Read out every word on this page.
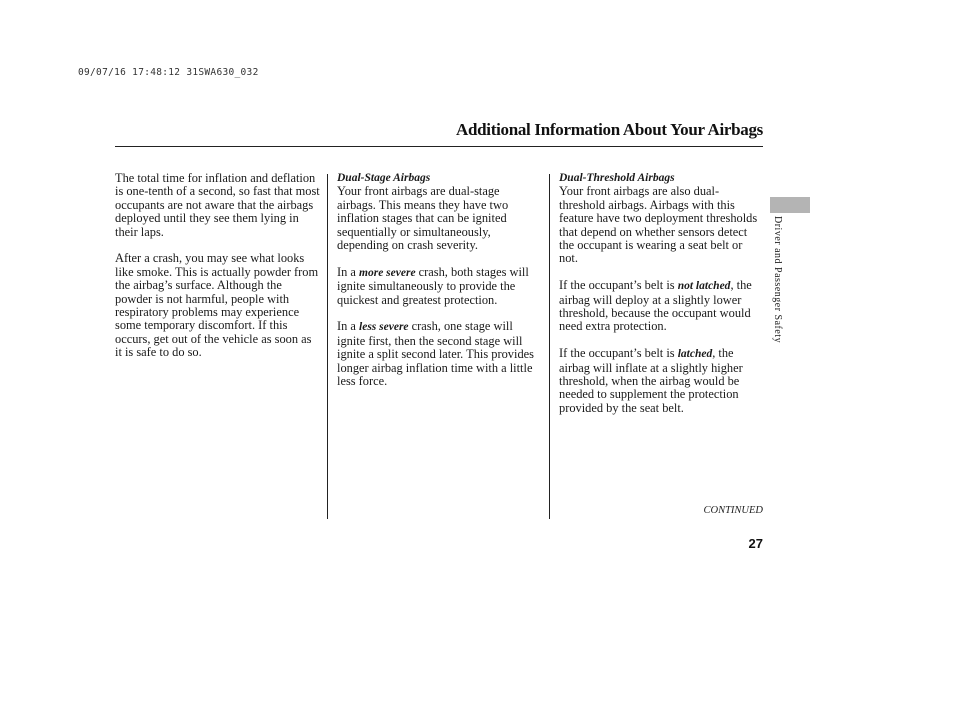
09/07/16 17:48:12 31SWA630_032
Additional Information About Your Airbags

The total time for inflation and deflation is one-tenth of a second, so fast that most occupants are not aware that the airbags deployed until they see them lying in their laps.

After a crash, you may see what looks like smoke. This is actually powder from the airbag’s surface. Although the powder is not harmful, people with respiratory problems may experience some temporary discomfort. If this occurs, get out of the vehicle as soon as it is safe to do so.

Dual-Stage Airbags

Your front airbags are dual-stage airbags. This means they have two inflation stages that can be ignited sequentially or simultaneously, depending on crash severity.

In a more severe crash, both stages will ignite simultaneously to provide the quickest and greatest protection.

In a less severe crash, one stage will ignite first, then the second stage will ignite a split second later. This provides longer airbag inflation time with a little less force.

Dual-Threshold Airbags

Your front airbags are also dual-threshold airbags. Airbags with this feature have two deployment thresholds that depend on whether sensors detect the occupant is wearing a seat belt or not.

If the occupant’s belt is not latched, the airbag will deploy at a slightly lower threshold, because the occupant would need extra protection.

If the occupant’s belt is latched, the airbag will inflate at a slightly higher threshold, when the airbag would be needed to supplement the protection provided by the seat belt.

Driver and Passenger Safety
CONTINUED
27
